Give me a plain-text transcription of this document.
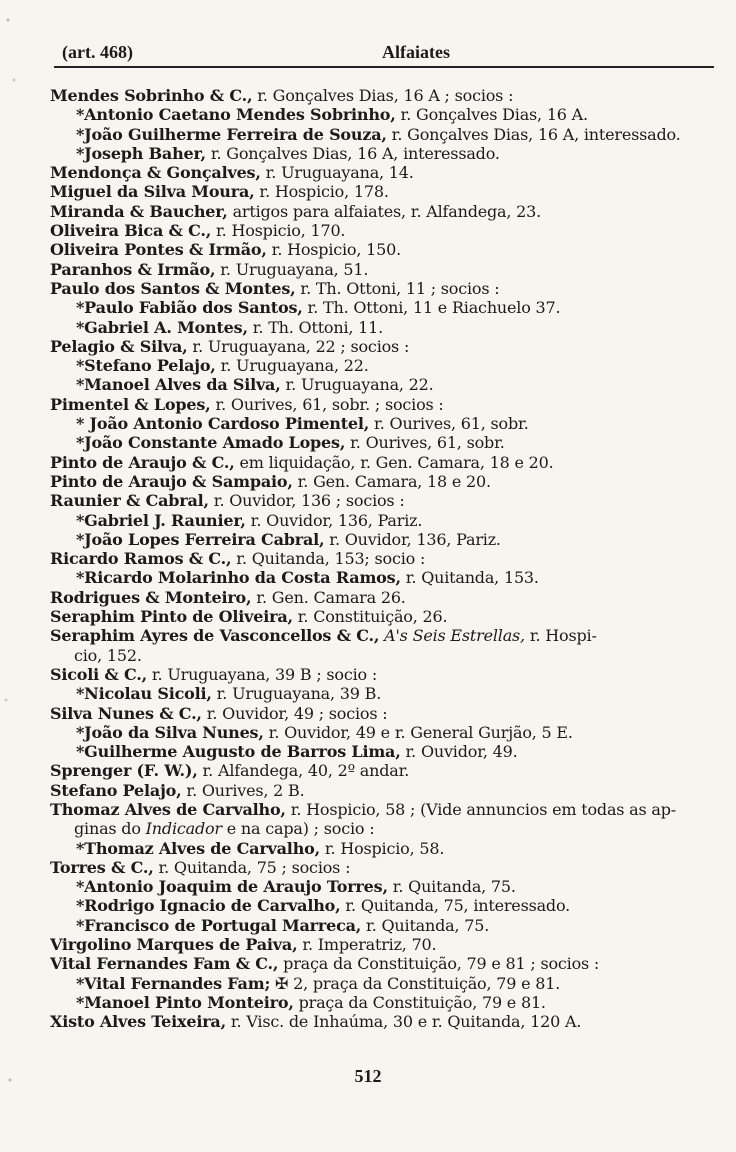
(art. 468)	Alfaiates
Mendes Sobrinho & C., r. Gonçalves Dias, 16 A ; socios :
*Antonio Caetano Mendes Sobrinho, r. Gonçalves Dias, 16 A.
*João Guilherme Ferreira de Souza, r. Gonçalves Dias, 16 A, interessado.
*Joseph Baher, r. Gonçalves Dias, 16 A, interessado.
Mendonça & Gonçalves, r. Uruguayana, 14.
Miguel da Silva Moura, r. Hospicio, 178.
Miranda & Baucher, artigos para alfaiates, r. Alfandega, 23.
Oliveira Bica & C., r. Hospicio, 170.
Oliveira Pontes & Irmão, r. Hospicio, 150.
Paranhos & Irmão, r. Uruguayana, 51.
Paulo dos Santos & Montes, r. Th. Ottoni, 11 ; socios :
*Paulo Fabião dos Santos, r. Th. Ottoni, 11 e Riachuelo 37.
*Gabriel A. Montes, r. Th. Ottoni, 11.
Pelagio & Silva, r. Uruguayana, 22 ; socios :
*Stefano Pelajo, r. Uruguayana, 22.
*Manoel Alves da Silva, r. Uruguayana, 22.
Pimentel & Lopes, r. Ourives, 61, sobr. ; socios :
* João Antonio Cardoso Pimentel, r. Ourives, 61, sobr.
*João Constante Amado Lopes, r. Ourives, 61, sobr.
Pinto de Araujo & C., em liquidação, r. Gen. Camara, 18 e 20.
Pinto de Araujo & Sampaio, r. Gen. Camara, 18 e 20.
Raunier & Cabral, r. Ouvidor, 136 ; socios :
*Gabriel J. Raunier, r. Ouvidor, 136, Pariz.
*João Lopes Ferreira Cabral, r. Ouvidor, 136, Pariz.
Ricardo Ramos & C., r. Quitanda, 153; socio :
*Ricardo Molarinho da Costa Ramos, r. Quitanda, 153.
Rodrigues & Monteiro, r. Gen. Camara 26.
Seraphim Pinto de Oliveira, r. Constituição, 26.
Seraphim Ayres de Vasconcellos & C., A's Seis Estrellas, r. Hospi-
cio, 152.
Sicoli & C., r. Uruguayana, 39 B ; socio :
*Nicolau Sicoli, r. Uruguayana, 39 B.
Silva Nunes & C., r. Ouvidor, 49 ; socios :
*João da Silva Nunes, r. Ouvidor, 49 e r. General Gurjão, 5 E.
*Guilherme Augusto de Barros Lima, r. Ouvidor, 49.
Sprenger (F. W.), r. Alfandega, 40, 2º andar.
Stefano Pelajo, r. Ourives, 2 B.
Thomaz Alves de Carvalho, r. Hospicio, 58 ; (Vide annuncios em todas as ap-
ginas do Indicador e na capa) ; socio :
*Thomaz Alves de Carvalho, r. Hospicio, 58.
Torres & C., r. Quitanda, 75 ; socios :
*Antonio Joaquim de Araujo Torres, r. Quitanda, 75.
*Rodrigo Ignacio de Carvalho, r. Quitanda, 75, interessado.
*Francisco de Portugal Marreca, r. Quitanda, 75.
Virgolino Marques de Paiva, r. Imperatriz, 70.
Vital Fernandes Fam & C., praça da Constituição, 79 e 81 ; socios :
*Vital Fernandes Fam; ✠ 2, praça da Constituição, 79 e 81.
*Manoel Pinto Monteiro, praça da Constituição, 79 e 81.
Xisto Alves Teixeira, r. Visc. de Inhaúma, 30 e r. Quitanda, 120 A.
512
